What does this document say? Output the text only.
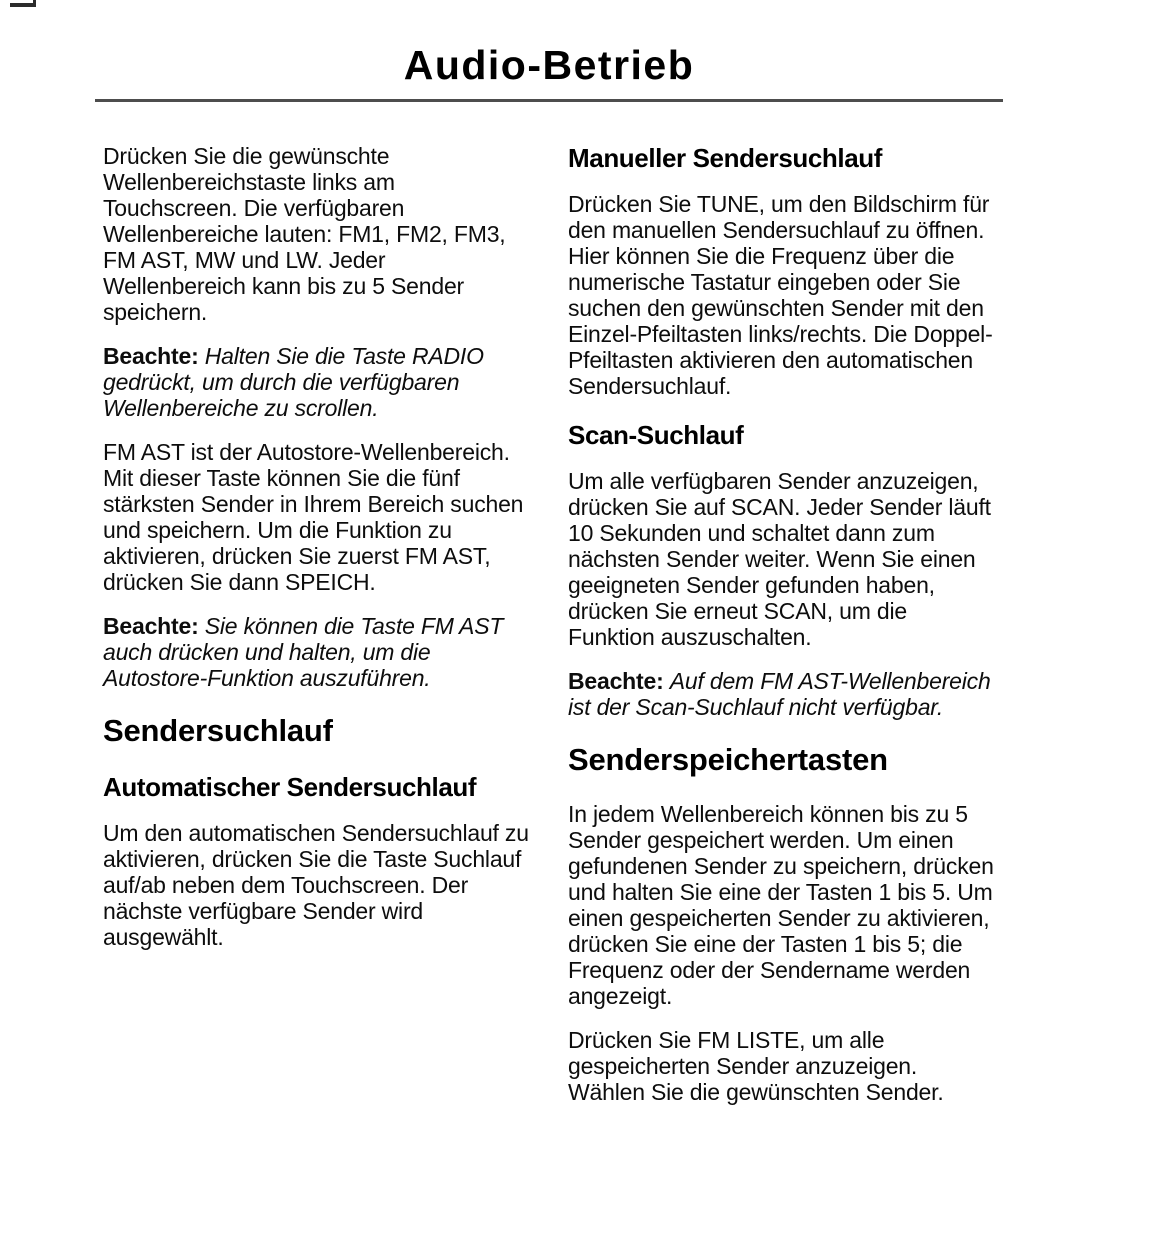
Audio-Betrieb

Drücken Sie die gewünschte Wellenbereichstaste links am Touchscreen. Die verfügbaren Wellenbereiche lauten: FM1, FM2, FM3, FM AST, MW und LW. Jeder Wellenbereich kann bis zu 5 Sender speichern.

Beachte: Halten Sie die Taste RADIO gedrückt, um durch die verfügbaren Wellenbereiche zu scrollen.

FM AST ist der Autostore-Wellenbereich. Mit dieser Taste können Sie die fünf stärksten Sender in Ihrem Bereich suchen und speichern. Um die Funktion zu aktivieren, drücken Sie zuerst FM AST, drücken Sie dann SPEICH.

Beachte: Sie können die Taste FM AST auch drücken und halten, um die Autostore-Funktion auszuführen.

Sendersuchlauf
Automatischer Sendersuchlauf

Um den automatischen Sendersuchlauf zu aktivieren, drücken Sie die Taste Suchlauf auf/ab neben dem Touchscreen. Der nächste verfügbare Sender wird ausgewählt.

Manueller Sendersuchlauf

Drücken Sie TUNE, um den Bildschirm für den manuellen Sendersuchlauf zu öffnen. Hier können Sie die Frequenz über die numerische Tastatur eingeben oder Sie suchen den gewünschten Sender mit den Einzel-Pfeiltasten links/rechts. Die Doppel-Pfeiltasten aktivieren den automatischen Sendersuchlauf.

Scan-Suchlauf

Um alle verfügbaren Sender anzuzeigen, drücken Sie auf SCAN. Jeder Sender läuft 10 Sekunden und schaltet dann zum nächsten Sender weiter. Wenn Sie einen geeigneten Sender gefunden haben, drücken Sie erneut SCAN, um die Funktion auszuschalten.

Beachte: Auf dem FM AST-Wellenbereich ist der Scan-Suchlauf nicht verfügbar.

Senderspeichertasten

In jedem Wellenbereich können bis zu 5 Sender gespeichert werden. Um einen gefundenen Sender zu speichern, drücken und halten Sie eine der Tasten 1 bis 5. Um einen gespeicherten Sender zu aktivieren, drücken Sie eine der Tasten 1 bis 5; die Frequenz oder der Sendername werden angezeigt.

Drücken Sie FM LISTE, um alle gespeicherten Sender anzuzeigen. Wählen Sie die gewünschten Sender.
